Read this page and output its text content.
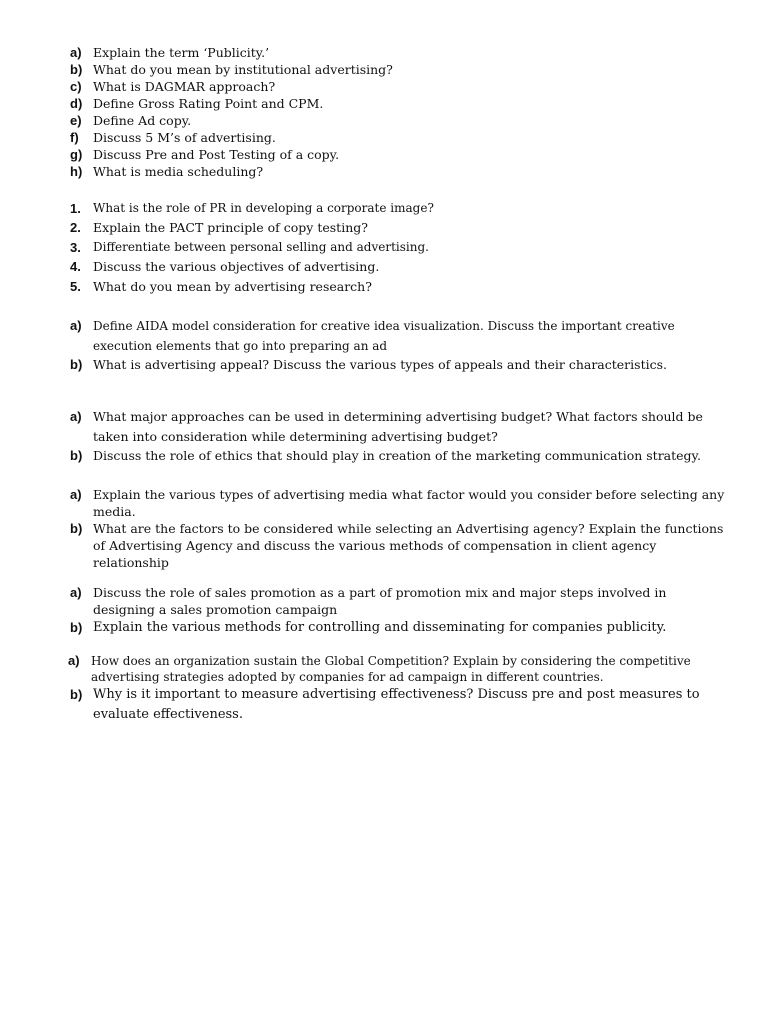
a) Explain the term ‘Publicity.’
b) What do you mean by institutional advertising?
c) What is DAGMAR approach?
d) Define Gross Rating Point and CPM.
e) Define Ad copy.
f) Discuss 5 M’s of advertising.
g) Discuss Pre and Post Testing of a copy.
h) What is media scheduling?
1. What is the role of PR in developing a corporate image?
2. Explain the PACT principle of copy testing?
3. Differentiate between personal selling and advertising.
4. Discuss the various objectives of advertising.
5. What do you mean by advertising research?
a) Define AIDA model consideration for creative idea visualization. Discuss the important creative execution elements that go into preparing an ad
b) What is advertising appeal? Discuss the various types of appeals and their characteristics.
a) What major approaches can be used in determining advertising budget? What factors should be taken into consideration while determining advertising budget?
b) Discuss the role of ethics that should play in creation of the marketing communication strategy.
a) Explain the various types of advertising media what factor would you consider before selecting any media.
b) What are the factors to be considered while selecting an Advertising agency? Explain the functions of Advertising Agency and discuss the various methods of compensation in client agency relationship
a) Discuss the role of sales promotion as a part of promotion mix and major steps involved in designing a sales promotion campaign
b) Explain the various methods for controlling and disseminating for companies publicity.
a) How does an organization sustain the Global Competition? Explain by considering the competitive advertising strategies adopted by companies for ad campaign in different countries.
b) Why is it important to measure advertising effectiveness? Discuss pre and post measures to evaluate effectiveness.
